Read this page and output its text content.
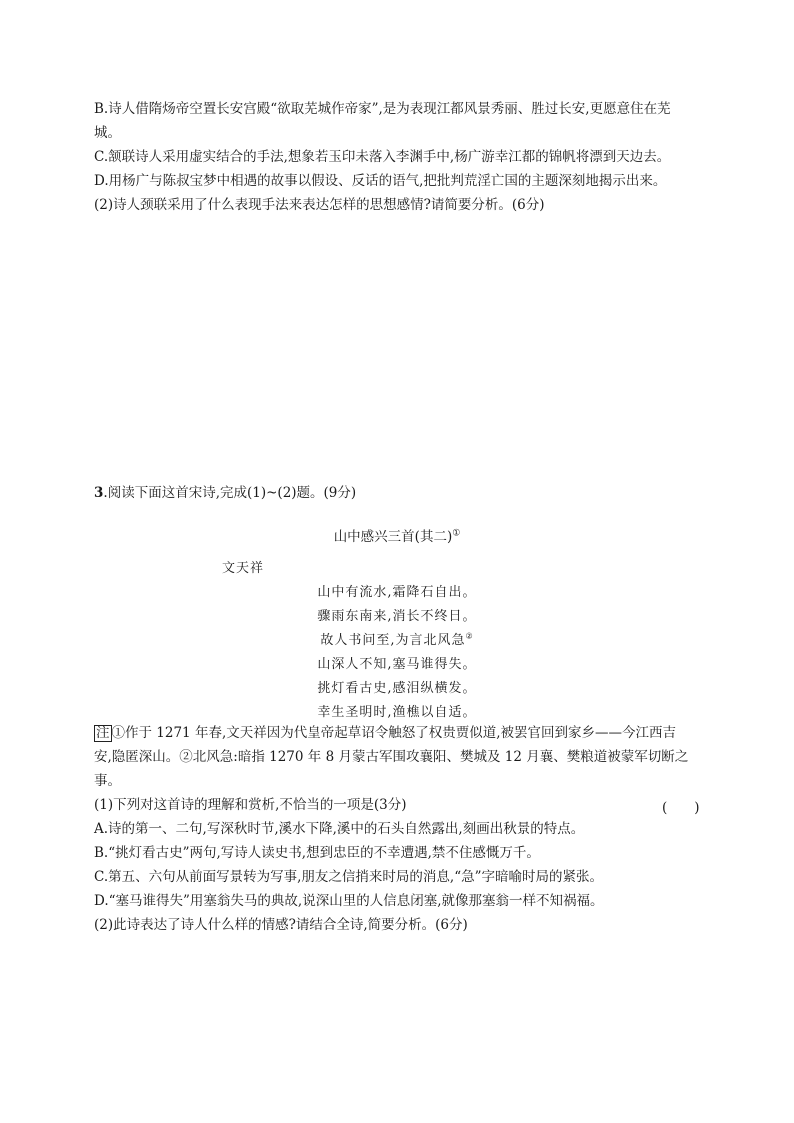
B.诗人借隋炀帝空置长安宫殿“欲取芜城作帝家”,是为表现江都风景秀丽、胜过长安,更愿意住在芜
城。
C.颔联诗人采用虚实结合的手法,想象若玉印未落入李渊手中,杨广游幸江都的锦帆将漂到天边去。
D.用杨广与陈叔宝梦中相遇的故事以假设、反话的语气,把批判荒淫亡国的主题深刻地揭示出来。
(2)诗人颈联采用了什么表现手法来表达怎样的思想感情?请简要分析。(6分)
3.阅读下面这首宋诗,完成(1)~(2)题。(9分)
山中感兴三首(其二)①
文天祥
山中有流水,霜降石自出。
骤雨东南来,消长不终日。
故人书问至,为言北风急②
山深人不知,塞马谁得失。
挑灯看古史,感泪纵横发。
幸生圣明时,渔樵以自适。
注 ①作于 1271 年春,文天祥因为代皇帝起草诏令触怒了权贵贾似道,被罢官回到家乡——今江西吉
安,隐匿深山。②北风急:暗指 1270 年 8 月蒙古军围攻襄阳、樊城及 12 月襄、樊粮道被蒙军切断之
事。
(1)下列对这首诗的理解和赏析,不恰当的一项是(3分)	(　　)
A.诗的第一、二句,写深秋时节,溪水下降,溪中的石头自然露出,刻画出秋景的特点。
B.“挑灯看古史”两句,写诗人读史书,想到忠臣的不幸遭遇,禁不住感慨万千。
C.第五、六句从前面写景转为写事,朋友之信捎来时局的消息,“急”字暗喻时局的紧张。
D.“塞马谁得失”用塞翁失马的典故,说深山里的人信息闭塞,就像那塞翁一样不知祸福。
(2)此诗表达了诗人什么样的情感?请结合全诗,简要分析。(6分)
